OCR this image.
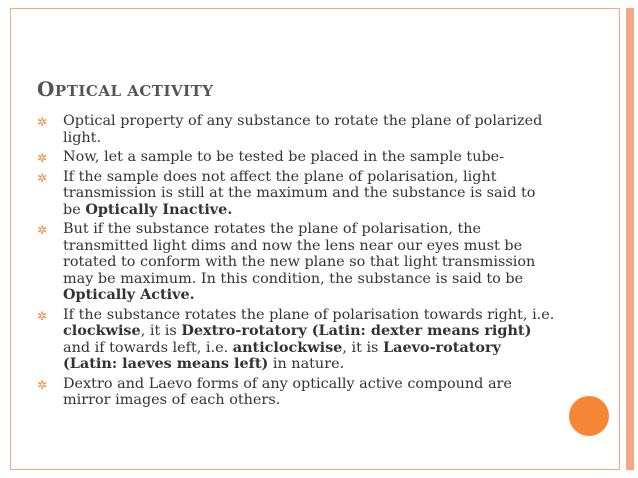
OPTICAL ACTIVITY
✲ Optical property of any substance to rotate the plane of polarized light.
✲ Now, let a sample to be tested be placed in the sample tube-
✲ If the sample does not affect the plane of polarisation, light transmission is still at the maximum and the substance is said to be Optically Inactive.
✲ But if the substance rotates the plane of polarisation, the transmitted light dims and now the lens near our eyes must be rotated to conform with the new plane so that light transmission may be maximum. In this condition, the substance is said to be Optically Active.
✲ If the substance rotates the plane of polarisation towards right, i.e. clockwise, it is Dextro-rotatory (Latin: dexter means right) and if towards left, i.e. anticlockwise, it is Laevo-rotatory (Latin: laeves means left) in nature.
✲ Dextro and Laevo forms of any optically active compound are mirror images of each others.
